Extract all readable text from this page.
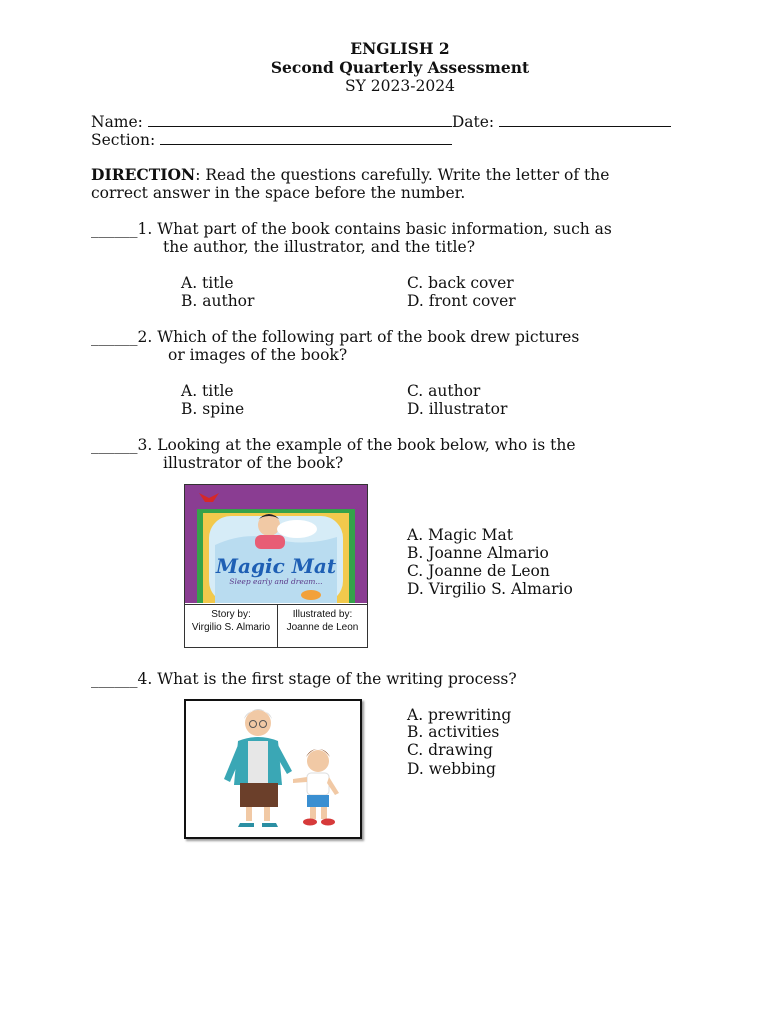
ENGLISH 2
Second Quarterly Assessment
SY 2023-2024
Name:	Date:
Section:
DIRECTION: Read the questions carefully. Write the letter of the
correct answer in the space before the number.
______1. What part of the book contains basic information, such as
the author, the illustrator, and the title?
A. title
B. author
C. back cover
D. front cover
______2. Which of the following part of the book drew pictures
or images of the book?
A. title
B. spine
C. author
D. illustrator
______3. Looking at the example of the book below, who is the
illustrator of the book?
Magic Mat
Sleep early and dream...
Story by:
Virgilio S. Almario
Illustrated by:
Joanne de Leon
A. Magic Mat
B. Joanne Almario
C. Joanne de Leon
D. Virgilio S. Almario
______4. What is the first stage of the writing process?
A. prewriting
B. activities
C. drawing
D. webbing
